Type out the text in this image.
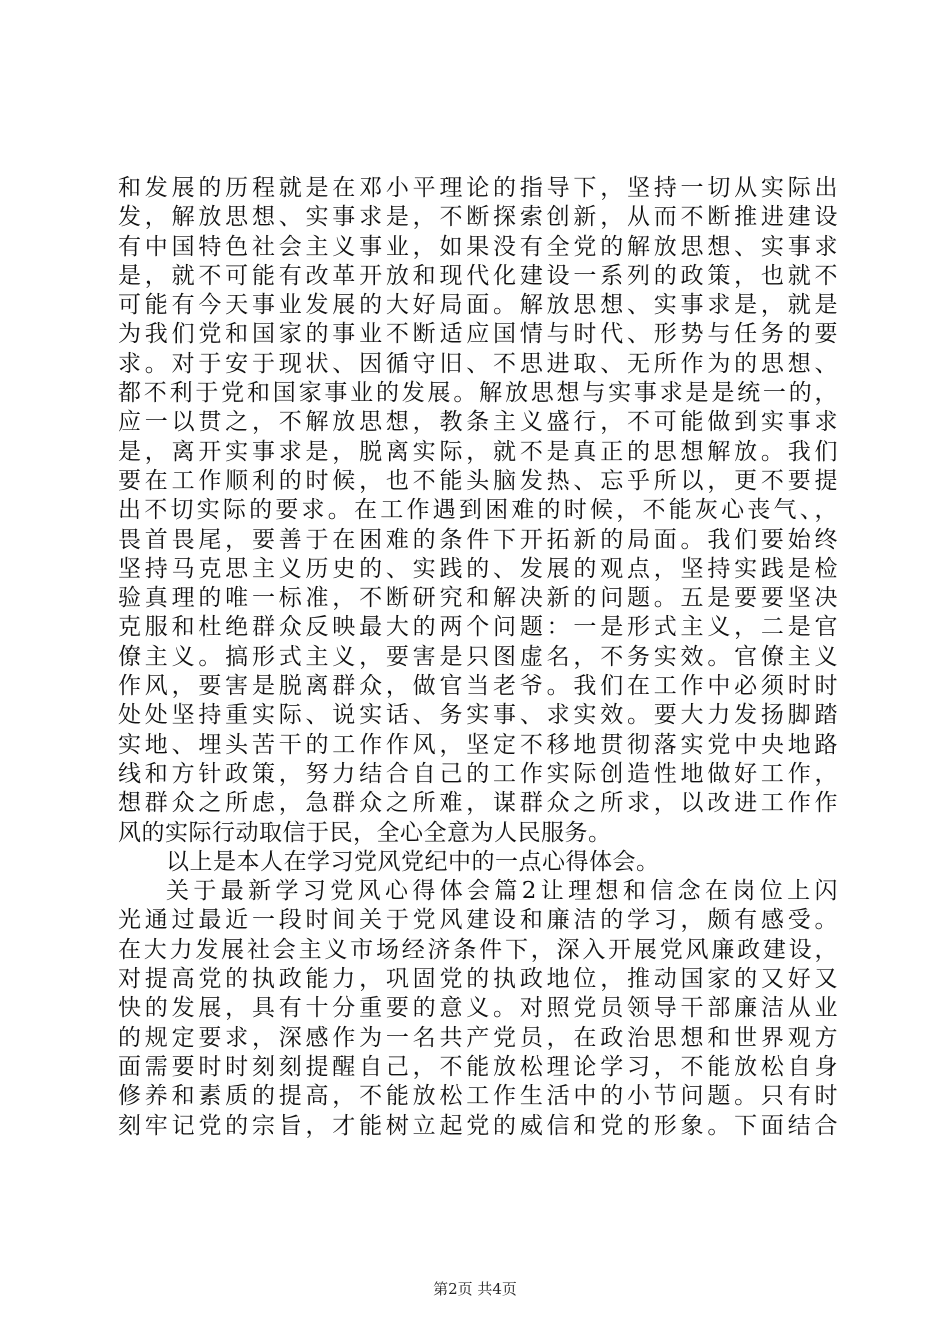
和发展的历程就是在邓小平理论的指导下，坚持一切从实际出
发，解放思想、实事求是，不断探索创新，从而不断推进建设
有中国特色社会主义事业，如果没有全党的解放思想、实事求
是，就不可能有改革开放和现代化建设一系列的政策，也就不
可能有今天事业发展的大好局面。解放思想、实事求是，就是
为我们党和国家的事业不断适应国情与时代、形势与任务的要
求。对于安于现状、因循守旧、不思进取、无所作为的思想、
都不利于党和国家事业的发展。解放思想与实事求是是统一的，
应一以贯之，不解放思想，教条主义盛行，不可能做到实事求
是，离开实事求是，脱离实际，就不是真正的思想解放。我们
要在工作顺利的时候，也不能头脑发热、忘乎所以，更不要提
出不切实际的要求。在工作遇到困难的时候，不能灰心丧气、，
畏首畏尾，要善于在困难的条件下开拓新的局面。我们要始终
坚持马克思主义历史的、实践的、发展的观点，坚持实践是检
验真理的唯一标准，不断研究和解决新的问题。五是要要坚决
克服和杜绝群众反映最大的两个问题：一是形式主义，二是官
僚主义。搞形式主义，要害是只图虚名，不务实效。官僚主义
作风，要害是脱离群众，做官当老爷。我们在工作中必须时时
处处坚持重实际、说实话、务实事、求实效。要大力发扬脚踏
实地、埋头苦干的工作作风，坚定不移地贯彻落实党中央地路
线和方针政策，努力结合自己的工作实际创造性地做好工作，
想群众之所虑，急群众之所难，谋群众之所求，以改进工作作
风的实际行动取信于民，全心全意为人民服务。
以上是本人在学习党风党纪中的一点心得体会。
关于最新学习党风心得体会篇2让理想和信念在岗位上闪
光通过最近一段时间关于党风建设和廉洁的学习，颇有感受。
在大力发展社会主义市场经济条件下，深入开展党风廉政建设，
对提高党的执政能力，巩固党的执政地位，推动国家的又好又
快的发展，具有十分重要的意义。对照党员领导干部廉洁从业
的规定要求，深感作为一名共产党员，在政治思想和世界观方
面需要时时刻刻提醒自己，不能放松理论学习，不能放松自身
修养和素质的提高，不能放松工作生活中的小节问题。只有时
刻牢记党的宗旨，才能树立起党的威信和党的形象。下面结合
第2页 共4页
